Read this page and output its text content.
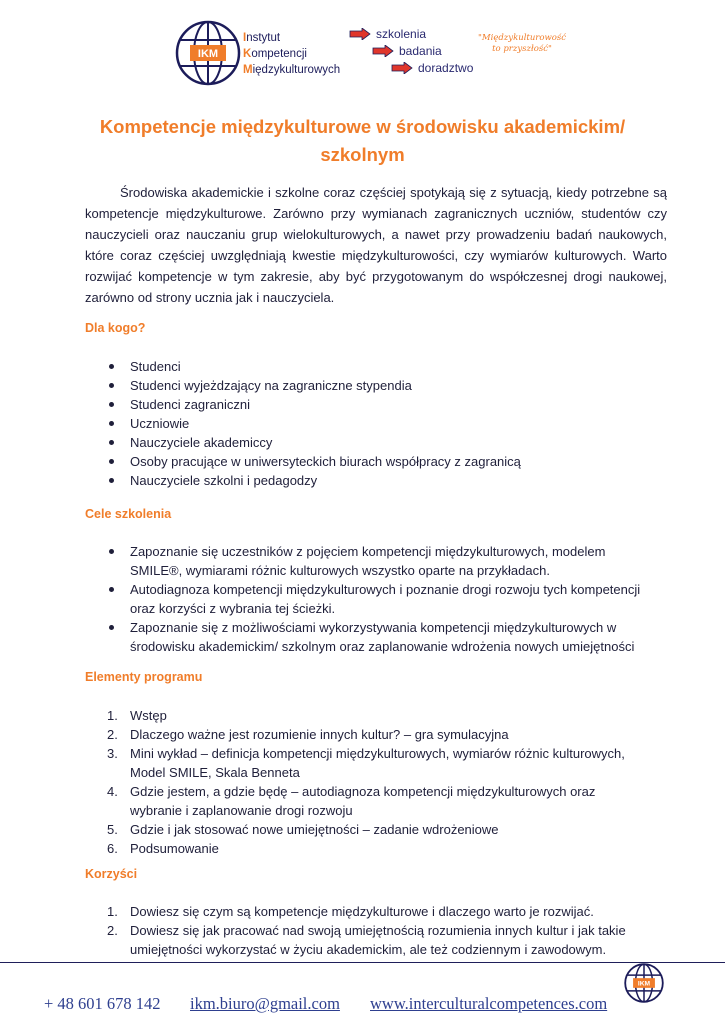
IKM
Instytut
Kompetencji
Międzykulturowych
szkolenia
badania
doradztwo
"Międzykulturowość
to przyszłość"
Kompetencje międzykulturowe w środowisku akademickim/
szkolnym
Środowiska akademickie i szkolne coraz częściej spotykają się z sytuacją, kiedy potrzebne są kompetencje międzykulturowe. Zarówno przy wymianach zagranicznych uczniów, studentów czy nauczycieli oraz nauczaniu grup wielokulturowych, a nawet przy prowadzeniu badań naukowych, które coraz częściej uwzględniają kwestie międzykulturowości, czy wymiarów kulturowych. Warto rozwijać kompetencje w tym zakresie, aby być przygotowanym do współczesnej drogi naukowej, zarówno od strony ucznia jak i nauczyciela.
Dla kogo?
Studenci
Studenci wyjeżdzający na zagraniczne stypendia
Studenci zagraniczni
Uczniowie
Nauczyciele akademiccy
Osoby pracujące w uniwersyteckich biurach współpracy z zagranicą
Nauczyciele szkolni i pedagodzy
Cele szkolenia
Zapoznanie się uczestników z pojęciem kompetencji międzykulturowych, modelem
SMILE®, wymiarami różnic kulturowych wszystko oparte na przykładach.
Autodiagnoza kompetencji międzykulturowych i poznanie drogi rozwoju tych kompetencji
oraz korzyści z wybrania tej ścieżki.
Zapoznanie się z możliwościami wykorzystywania kompetencji międzykulturowych w
środowisku akademickim/ szkolnym oraz zaplanowanie wdrożenia nowych umiejętności
Elementy programu
1. Wstęp
2. Dlaczego ważne jest rozumienie innych kultur? – gra symulacyjna
3. Mini wykład – definicja kompetencji międzykulturowych, wymiarów różnic kulturowych,
Model SMILE, Skala Benneta
4. Gdzie jestem, a gdzie będę – autodiagnoza kompetencji międzykulturowych oraz
wybranie i zaplanowanie drogi rozwoju
5. Gdzie i jak stosować nowe umiejętności – zadanie wdrożeniowe
6. Podsumowanie
Korzyści
1. Dowiesz się czym są kompetencje międzykulturowe i dlaczego warto je rozwijać.
2. Dowiesz się jak pracować nad swoją umiejętnością rozumienia innych kultur i jak takie
umiejętności wykorzystać w życiu akademickim, ale też codziennym i zawodowym.
IKM
+ 48 601 678 142 ikm.biuro@gmail.com www.interculturalcompetences.com
